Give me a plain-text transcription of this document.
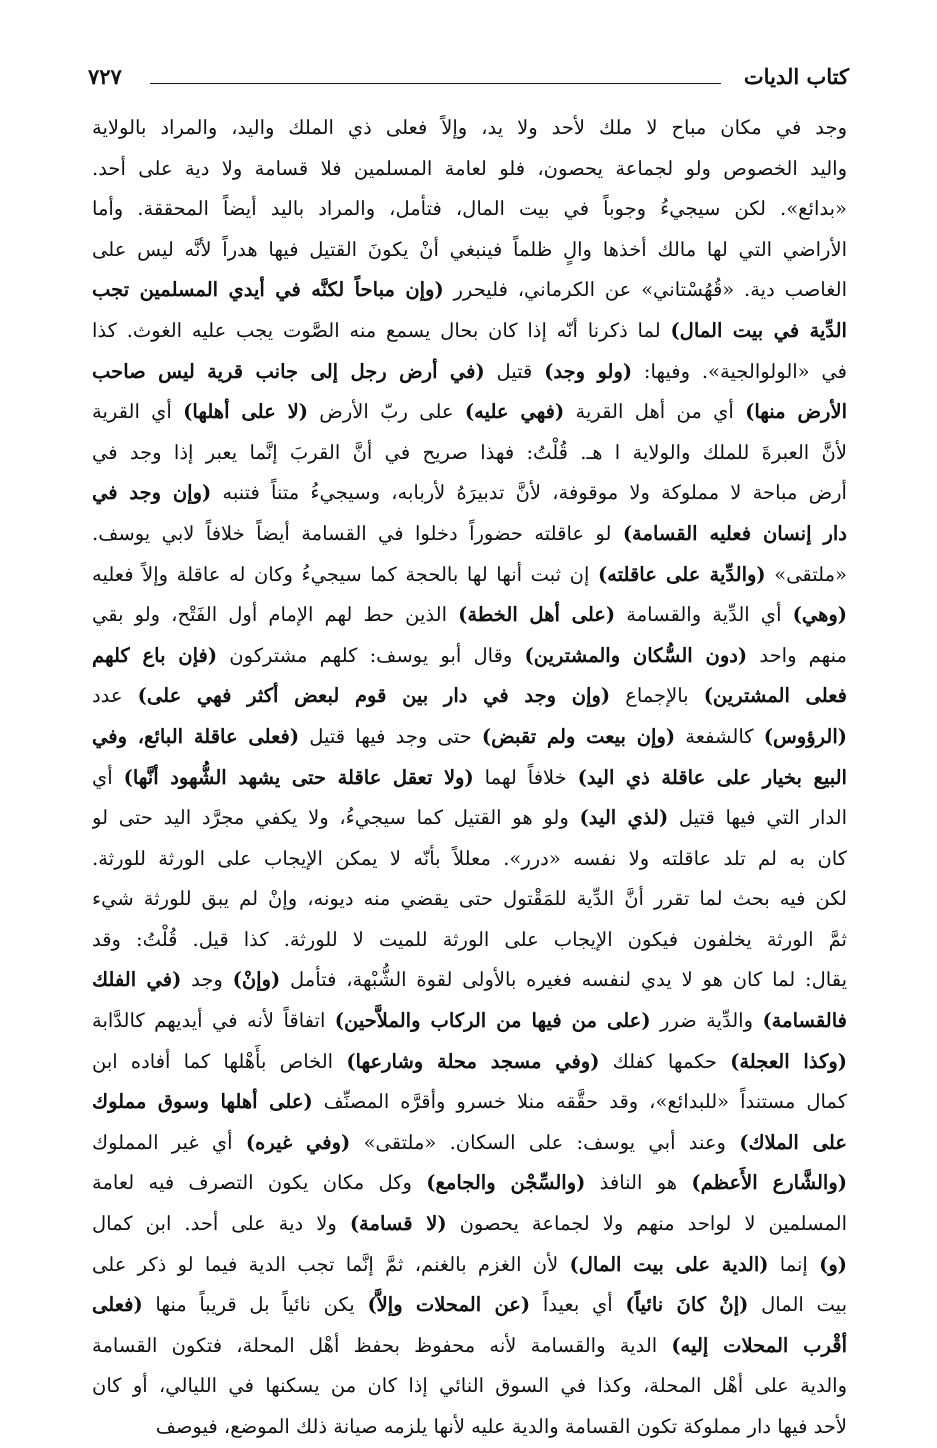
كتاب الديات
٧٢٧
وجد في مكان مباح لا ملك لأحد ولا يد، وإلاً فعلى ذي الملك واليد، والمراد بالولاية
واليد الخصوص ولو لجماعة يحصون، فلو لعامة المسلمين فلا قسامة ولا دية على أحد.
«بدائع». لكن سيجيءُ وجوباً في بيت المال، فتأمل، والمراد باليد أيضاً المحققة. وأما
الأراضي التي لها مالك أخذها والٍ ظلماً فينبغي أنْ يكونَ القتيل فيها هدراً لأنَّه ليس على
الغاصب دية. «قُهُسْتاني» عن الكرماني، فليحرر (وإن مباحاً لكنَّه في أيدي المسلمين تجب
الدِّية في بيت المال) لما ذكرنا أنّه إذا كان بحال يسمع منه الصَّوت يجب عليه الغوث. كذا
في «الولوالجية». وفيها: (ولو وجد) قتيل (في أرض رجل إلى جانب قرية ليس صاحب
الأرض منها) أي من أهل القرية (فهي عليه) على ربّ الأرض (لا على أهلها) أي القرية
لأنَّ العبرةَ للملك والولاية ا هـ. قُلْتُ: فهذا صريح في أنَّ القربَ إنَّما يعبر إذا وجد في
أرض مباحة لا مملوكة ولا موقوفة، لأنَّ تدبيرَهُ لأربابه، وسيجيءُ متناً فتنبه (وإن وجد في
دار إنسان فعليه القسامة) لو عاقلته حضوراً دخلوا في القسامة أيضاً خلافاً لابي يوسف.
«ملتقى» (والدِّية على عاقلته) إن ثبت أنها لها بالحجة كما سيجيءُ وكان له عاقلة وإلاً فعليه
(وهي) أي الدِّية والقسامة (على أهل الخطة) الذين حط لهم الإمام أول الفَتْح، ولو بقي
منهم واحد (دون السُّكان والمشترين) وقال أبو يوسف: كلهم مشتركون (فإن باع كلهم
فعلى المشترين) بالإجماع (وإن وجد في دار بين قوم لبعض أكثر فهي على) عدد
(الرؤوس) كالشفعة (وإن بيعت ولم تقبض) حتى وجد فيها قتيل (فعلى عاقلة البائع، وفي
البيع بخيار على عاقلة ذي اليد) خلافاً لهما (ولا تعقل عاقلة حتى يشهد الشُّهود أنَّها) أي
الدار التي فيها قتيل (لذي اليد) ولو هو القتيل كما سيجيءُ، ولا يكفي مجرَّد اليد حتى لو
كان به لم تلد عاقلته ولا نفسه «درر». معللاً بأنّه لا يمكن الإيجاب على الورثة للورثة.
لكن فيه بحث لما تقرر أنَّ الدِّية للمَقْتول حتى يقضي منه ديونه، وإنْ لم يبق للورثة شيء
ثمَّ الورثة يخلفون فيكون الإيجاب على الورثة للميت لا للورثة. كذا قيل. قُلْتُ: وقد
يقال: لما كان هو لا يدي لنفسه فغيره بالأولى لقوة الشُّبْهة، فتأمل (وإنْ) وجد (في الفلك
فالقسامة) والدِّية ضرر (على من فيها من الركاب والملاَّحين) اتفاقاً لأنه في أيديهم كالدَّابة
(وكذا العجلة) حكمها كفلك (وفي مسجد محلة وشارعها) الخاص بأَهْلها كما أفاده ابن
كمال مستنداً «للبدائع»، وقد حقَّقه منلا خسرو وأقرَّه المصنِّف (على أهلها وسوق مملوك
على الملاك) وعند أبي يوسف: على السكان. «ملتقى» (وفي غيره) أي غير المملوك
(والشَّارع الأَعظم) هو النافذ (والسِّجْن والجامع) وكل مكان يكون التصرف فيه لعامة
المسلمين لا لواحد منهم ولا لجماعة يحصون (لا قسامة) ولا دية على أحد. ابن كمال
(و) إنما (الدية على بيت المال) لأن الغزم بالغنم، ثمَّ إنَّما تجب الدية فيما لو ذكر على
بيت المال (إنْ كانَ نائياً) أي بعيداً (عن المحلات وإلاَّ) يكن نائياً بل قريباً منها (فعلى
أقْرب المحلات إليه) الدية والقسامة لأنه محفوظ بحفظ أهْل المحلة، فتكون القسامة
والدية على أهْل المحلة، وكذا في السوق النائي إذا كان من يسكنها في الليالي، أو كان
لأحد فيها دار مملوكة تكون القسامة والدية عليه لأنها يلزمه صيانة ذلك الموضع، فيوصف
